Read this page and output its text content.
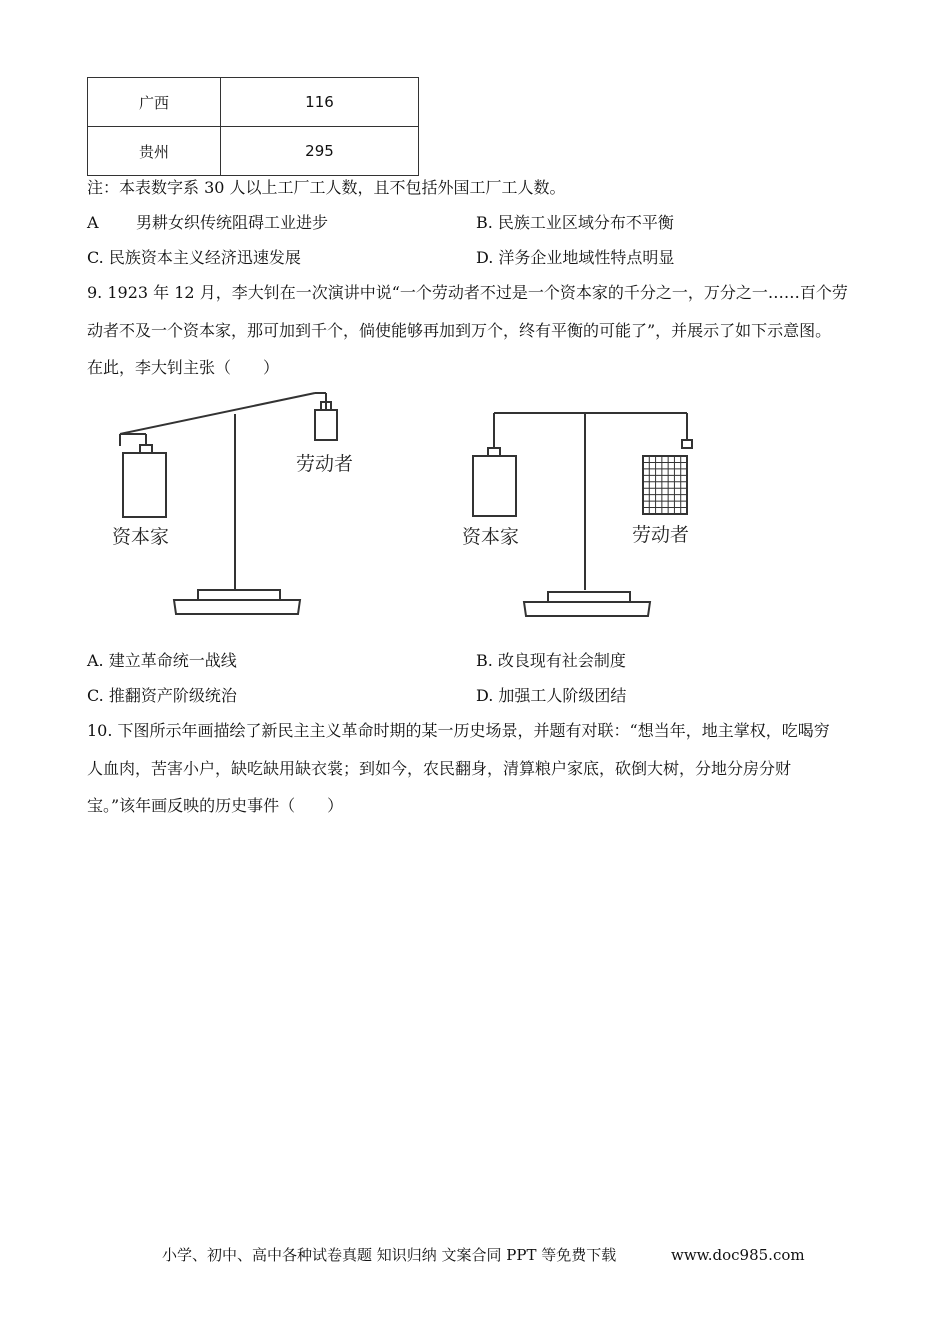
广西	116
贵州	295
注：本表数字系 30 人以上工厂工人数，且不包括外国工厂工人数。
A 男耕女织传统阻碍工业进步	B. 民族工业区域分布不平衡
C. 民族资本主义经济迅速发展	D. 洋务企业地域性特点明显
9. 1923 年 12 月，李大钊在一次演讲中说“一个劳动者不过是一个资本家的千分之一，万分之一……百个劳
动者不及一个资本家，那可加到千个，倘使能够再加到万个，终有平衡的可能了”，并展示了如下示意图。
在此，李大钊主张（　　）
资本家
劳动者
资本家	劳动者
A. 建立革命统一战线	B. 改良现有社会制度
C. 推翻资产阶级统治	D. 加强工人阶级团结
10. 下图所示年画描绘了新民主主义革命时期的某一历史场景，并题有对联：“想当年，地主掌权，吃喝穷
人血肉，苦害小户，缺吃缺用缺衣裳；到如今，农民翻身，清算粮户家底，砍倒大树，分地分房分财
宝。”该年画反映的历史事件（　　）
小学、初中、高中各种试卷真题 知识归纳 文案合同 PPT 等免费下载	www.doc985.com
